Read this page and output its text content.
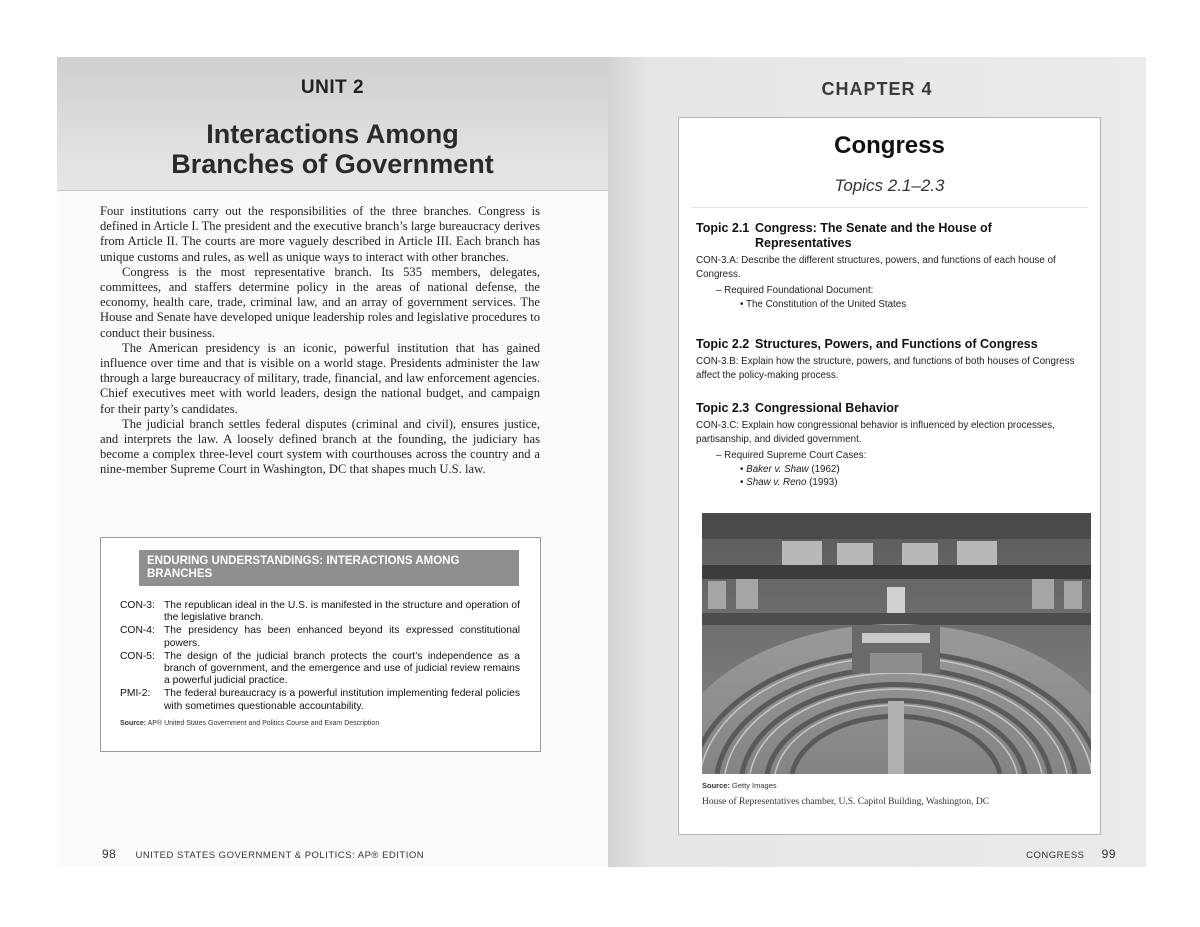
UNIT 2
Interactions Among
Branches of Government

Four institutions carry out the responsibilities of the three branches. Congress is defined in Article I. The president and the executive branch’s large bureaucracy derives from Article II. The courts are more vaguely described in Article III. Each branch has unique customs and rules, as well as unique ways to interact with other branches.

Congress is the most representative branch. Its 535 members, delegates, committees, and staffers determine policy in the areas of national defense, the economy, health care, trade, criminal law, and an array of government services. The House and Senate have developed unique leadership roles and legislative procedures to conduct their business.

The American presidency is an iconic, powerful institution that has gained influence over time and that is visible on a world stage. Presidents administer the law through a large bureaucracy of military, trade, financial, and law enforcement agencies. Chief executives meet with world leaders, design the national budget, and campaign for their party’s candidates.

The judicial branch settles federal disputes (criminal and civil), ensures justice, and interprets the law. A loosely defined branch at the founding, the judiciary has become a complex three-level court system with courthouses across the country and a nine-member Supreme Court in Washington, DC that shapes much U.S. law.

ENDURING UNDERSTANDINGS: INTERACTIONS AMONG BRANCHES
CON-3: The republican ideal in the U.S. is manifested in the structure and operation of the legislative branch.
CON-4: The presidency has been enhanced beyond its expressed constitutional powers.
CON-5: The design of the judicial branch protects the court’s independence as a branch of government, and the emergence and use of judicial review remains a powerful judicial practice.
PMI-2:	The federal bureaucracy is a powerful institution implementing federal policies with sometimes questionable accountability.
Source: AP® United States Government and Politics Course and Exam Description
98 UNITED STATES GOVERNMENT & POLITICS: AP® EDITION
CHAPTER 4
Congress
Topics 2.1–2.3
Topic 2.1 Congress: The Senate and the House of Representatives
CON-3.A: Describe the different structures, powers, and functions of each house of Congress.
– Required Foundational Document:
• The Constitution of the United States
Topic 2.2 Structures, Powers, and Functions of Congress
CON-3.B: Explain how the structure, powers, and functions of both houses of Congress affect the policy-making process.
Topic 2.3 Congressional Behavior
CON-3.C: Explain how congressional behavior is influenced by election processes, partisanship, and divided government.
– Required Supreme Court Cases:
• Baker v. Shaw (1962)
• Shaw v. Reno (1993)
Source: Getty Images
House of Representatives chamber, U.S. Capitol Building, Washington, DC
CONGRESS 99
